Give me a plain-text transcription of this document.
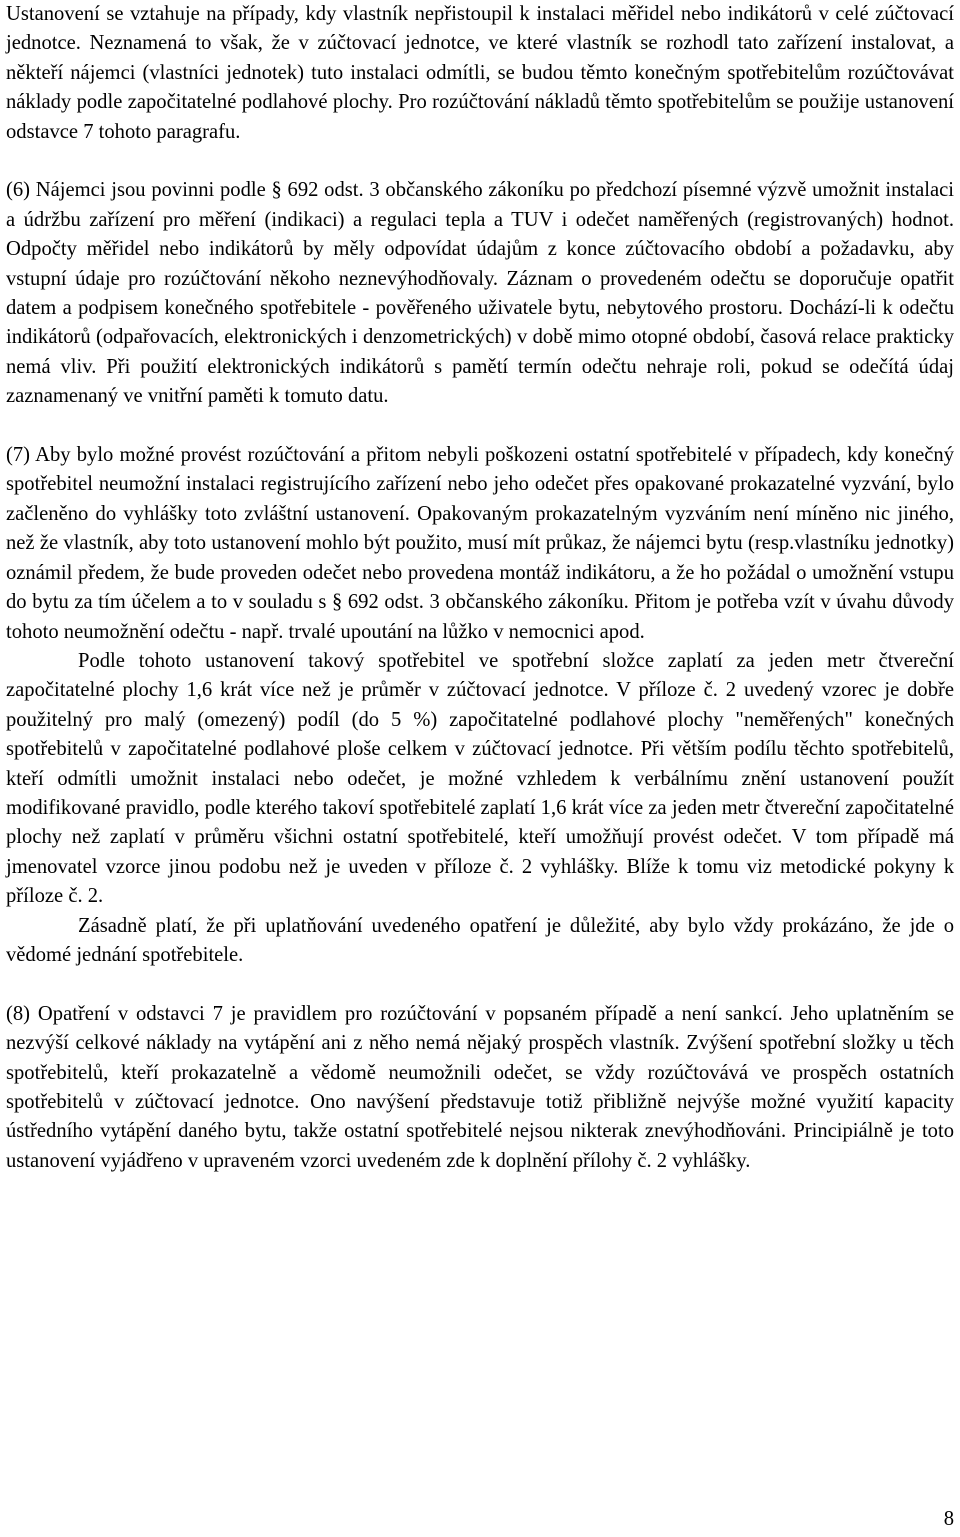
Ustanovení se vztahuje na případy, kdy vlastník nepřistoupil k instalaci měřidel nebo indikátorů v celé zúčtovací jednotce. Neznamená to však, že v zúčtovací jednotce, ve které vlastník se rozhodl tato zařízení instalovat, a někteří nájemci (vlastníci jednotek) tuto instalaci odmítli, se budou těmto konečným spotřebitelům rozúčtovávat náklady podle započitatelné podlahové plochy. Pro rozúčtování nákladů těmto spotřebitelům se použije ustanovení odstavce 7 tohoto paragrafu.

(6) Nájemci jsou povinni podle § 692 odst. 3 občanského zákoníku po předchozí písemné výzvě umožnit instalaci a údržbu zařízení pro měření (indikaci) a regulaci tepla a TUV i odečet naměřených (registrovaných) hodnot. Odpočty měřidel nebo indikátorů by měly odpovídat údajům z konce zúčtovacího období a požadavku, aby vstupní údaje pro rozúčtování někoho neznevýhodňovaly. Záznam o provedeném odečtu se doporučuje opatřit datem a podpisem konečného spotřebitele - pověřeného uživatele bytu, nebytového prostoru. Dochází-li k odečtu indikátorů (odpařovacích, elektronických i denzometrických) v době mimo otopné období, časová relace prakticky nemá vliv. Při použití elektronických indikátorů s pamětí termín odečtu nehraje roli, pokud se odečítá údaj zaznamenaný ve vnitřní paměti k tomuto datu.

(7) Aby bylo možné provést rozúčtování a přitom nebyli poškozeni ostatní spotřebitelé v případech, kdy konečný spotřebitel neumožní instalaci registrujícího zařízení nebo jeho odečet přes opakované prokazatelné vyzvání, bylo začleněno do vyhlášky toto zvláštní ustanovení. Opakovaným prokazatelným vyzváním není míněno nic jiného, než že vlastník, aby toto ustanovení mohlo být použito, musí mít průkaz, že nájemci bytu (resp.vlastníku jednotky) oznámil předem, že bude proveden odečet nebo provedena montáž indikátoru, a že ho požádal o umožnění vstupu do bytu za tím účelem a to v souladu s § 692 odst. 3 občanského zákoníku. Přitom je potřeba vzít v úvahu důvody tohoto neumožnění odečtu - např. trvalé upoutání na lůžko v nemocnici apod.

Podle tohoto ustanovení takový spotřebitel ve spotřební složce zaplatí za jeden metr čtvereční započitatelné plochy 1,6 krát více než je průměr v zúčtovací jednotce. V příloze č. 2 uvedený vzorec je dobře použitelný pro malý (omezený) podíl (do 5 %) započitatelné podlahové plochy "neměřených" konečných spotřebitelů v započitatelné podlahové ploše celkem v zúčtovací jednotce. Při větším podílu těchto spotřebitelů, kteří odmítli umožnit instalaci nebo odečet, je možné vzhledem k verbálnímu znění ustanovení použít modifikované pravidlo, podle kterého takoví spotřebitelé zaplatí 1,6 krát více za jeden metr čtvereční započitatelné plochy než zaplatí v průměru všichni ostatní spotřebitelé, kteří umožňují provést odečet. V tom případě má jmenovatel vzorce jinou podobu než je uveden v příloze č. 2 vyhlášky. Blíže k tomu viz metodické pokyny k příloze č. 2.

Zásadně platí, že při uplatňování uvedeného opatření je důležité, aby bylo vždy prokázáno, že jde o vědomé jednání spotřebitele.

(8) Opatření v odstavci 7 je pravidlem pro rozúčtování v popsaném případě a není sankcí. Jeho uplatněním se nezvýší celkové náklady na vytápění ani z něho nemá nějaký prospěch vlastník. Zvýšení spotřební složky u těch spotřebitelů, kteří prokazatelně a vědomě neumožnili odečet, se vždy rozúčtovává ve prospěch ostatních spotřebitelů v zúčtovací jednotce. Ono navýšení představuje totiž přibližně nejvýše možné využití kapacity ústředního vytápění daného bytu, takže ostatní spotřebitelé nejsou nikterak znevýhodňováni. Principiálně je toto ustanovení vyjádřeno v upraveném vzorci uvedeném zde k doplnění přílohy č. 2 vyhlášky.

8
